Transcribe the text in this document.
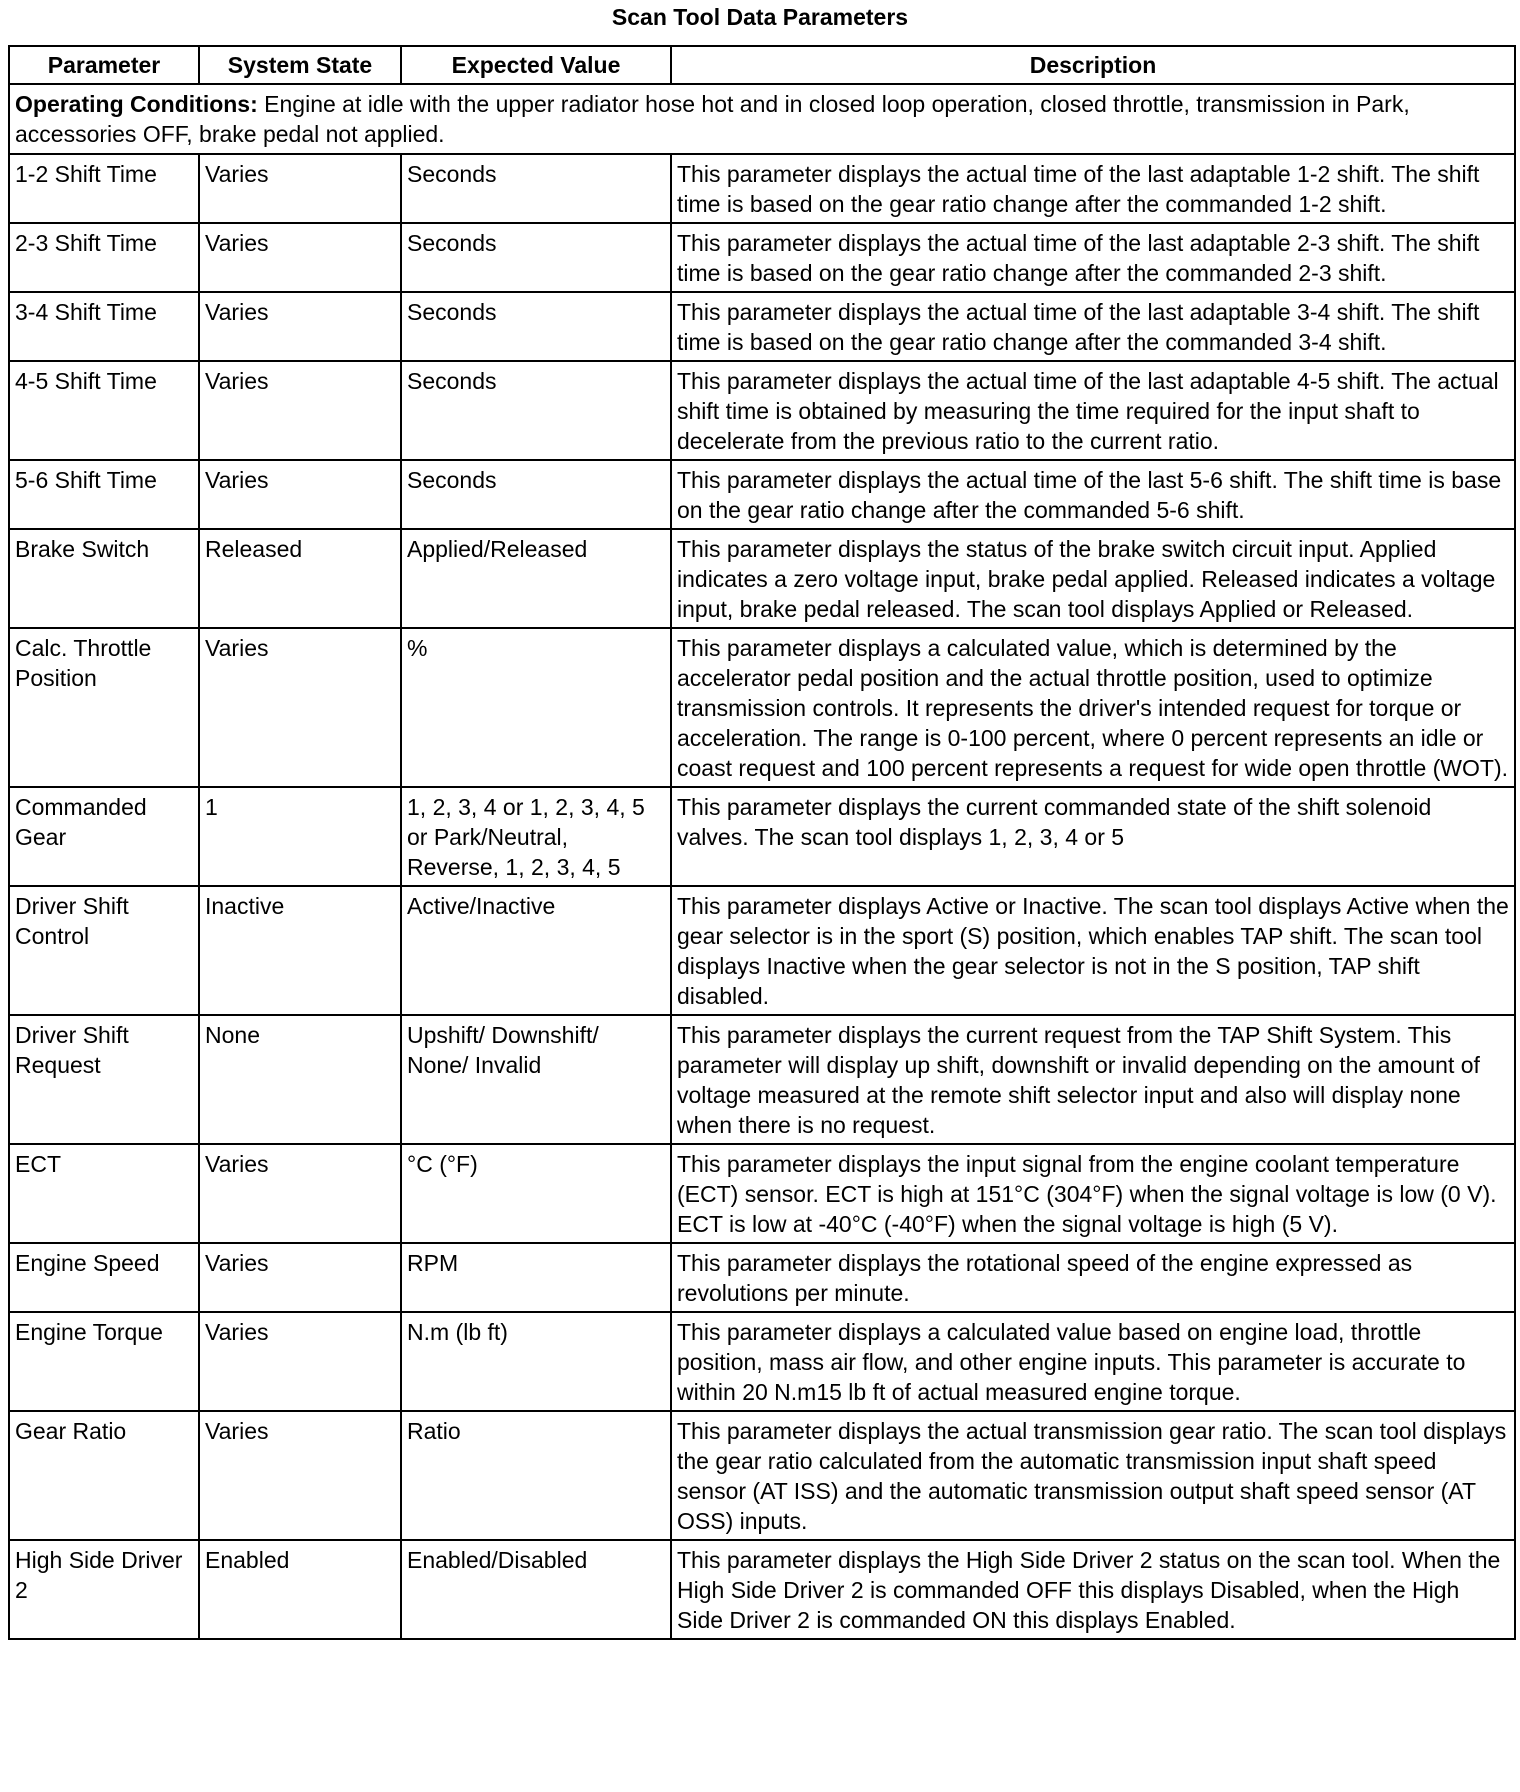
Scan Tool Data Parameters
Parameter	System State	Expected Value	Description
Operating Conditions: Engine at idle with the upper radiator hose hot and in closed loop operation, closed throttle, transmission in Park, accessories OFF, brake pedal not applied.			
1-2 Shift Time	Varies	Seconds	This parameter displays the actual time of the last adaptable 1-2 shift. The shift time is based on the gear ratio change after the commanded 1-2 shift.
2-3 Shift Time	Varies	Seconds	This parameter displays the actual time of the last adaptable 2-3 shift. The shift time is based on the gear ratio change after the commanded 2-3 shift.
3-4 Shift Time	Varies	Seconds	This parameter displays the actual time of the last adaptable 3-4 shift. The shift time is based on the gear ratio change after the commanded 3-4 shift.
4-5 Shift Time	Varies	Seconds	This parameter displays the actual time of the last adaptable 4-5 shift. The actual shift time is obtained by measuring the time required for the input shaft to decelerate from the previous ratio to the current ratio.
5-6 Shift Time	Varies	Seconds	This parameter displays the actual time of the last 5-6 shift. The shift time is base on the gear ratio change after the commanded 5-6 shift.
Brake Switch	Released	Applied/Released	This parameter displays the status of the brake switch circuit input. Applied indicates a zero voltage input, brake pedal applied. Released indicates a voltage input, brake pedal released. The scan tool displays Applied or Released.
Calc. Throttle Position	Varies	%	This parameter displays a calculated value, which is determined by the accelerator pedal position and the actual throttle position, used to optimize transmission controls. It represents the driver's intended request for torque or acceleration. The range is 0-100 percent, where 0 percent represents an idle or coast request and 100 percent represents a request for wide open throttle (WOT).
Commanded Gear	1	1, 2, 3, 4 or 1, 2, 3, 4, 5 or Park/Neutral, Reverse, 1, 2, 3, 4, 5	This parameter displays the current commanded state of the shift solenoid valves. The scan tool displays 1, 2, 3, 4 or 5
Driver Shift Control	Inactive	Active/Inactive	This parameter displays Active or Inactive. The scan tool displays Active when the gear selector is in the sport (S) position, which enables TAP shift. The scan tool displays Inactive when the gear selector is not in the S position, TAP shift disabled.
Driver Shift Request	None	Upshift/ Downshift/ None/ Invalid	This parameter displays the current request from the TAP Shift System. This parameter will display up shift, downshift or invalid depending on the amount of voltage measured at the remote shift selector input and also will display none when there is no request.
ECT	Varies	°C (°F)	This parameter displays the input signal from the engine coolant temperature (ECT) sensor. ECT is high at 151°C (304°F) when the signal voltage is low (0 V). ECT is low at -40°C (-40°F) when the signal voltage is high (5 V).
Engine Speed	Varies	RPM	This parameter displays the rotational speed of the engine expressed as revolutions per minute.
Engine Torque	Varies	N.m (lb ft)	This parameter displays a calculated value based on engine load, throttle position, mass air flow, and other engine inputs. This parameter is accurate to within 20 N.m15 lb ft of actual measured engine torque.
Gear Ratio	Varies	Ratio	This parameter displays the actual transmission gear ratio. The scan tool displays the gear ratio calculated from the automatic transmission input shaft speed sensor (AT ISS) and the automatic transmission output shaft speed sensor (AT OSS) inputs.
High Side Driver 2	Enabled	Enabled/Disabled	This parameter displays the High Side Driver 2 status on the scan tool. When the High Side Driver 2 is commanded OFF this displays Disabled, when the High Side Driver 2 is commanded ON this displays Enabled.
